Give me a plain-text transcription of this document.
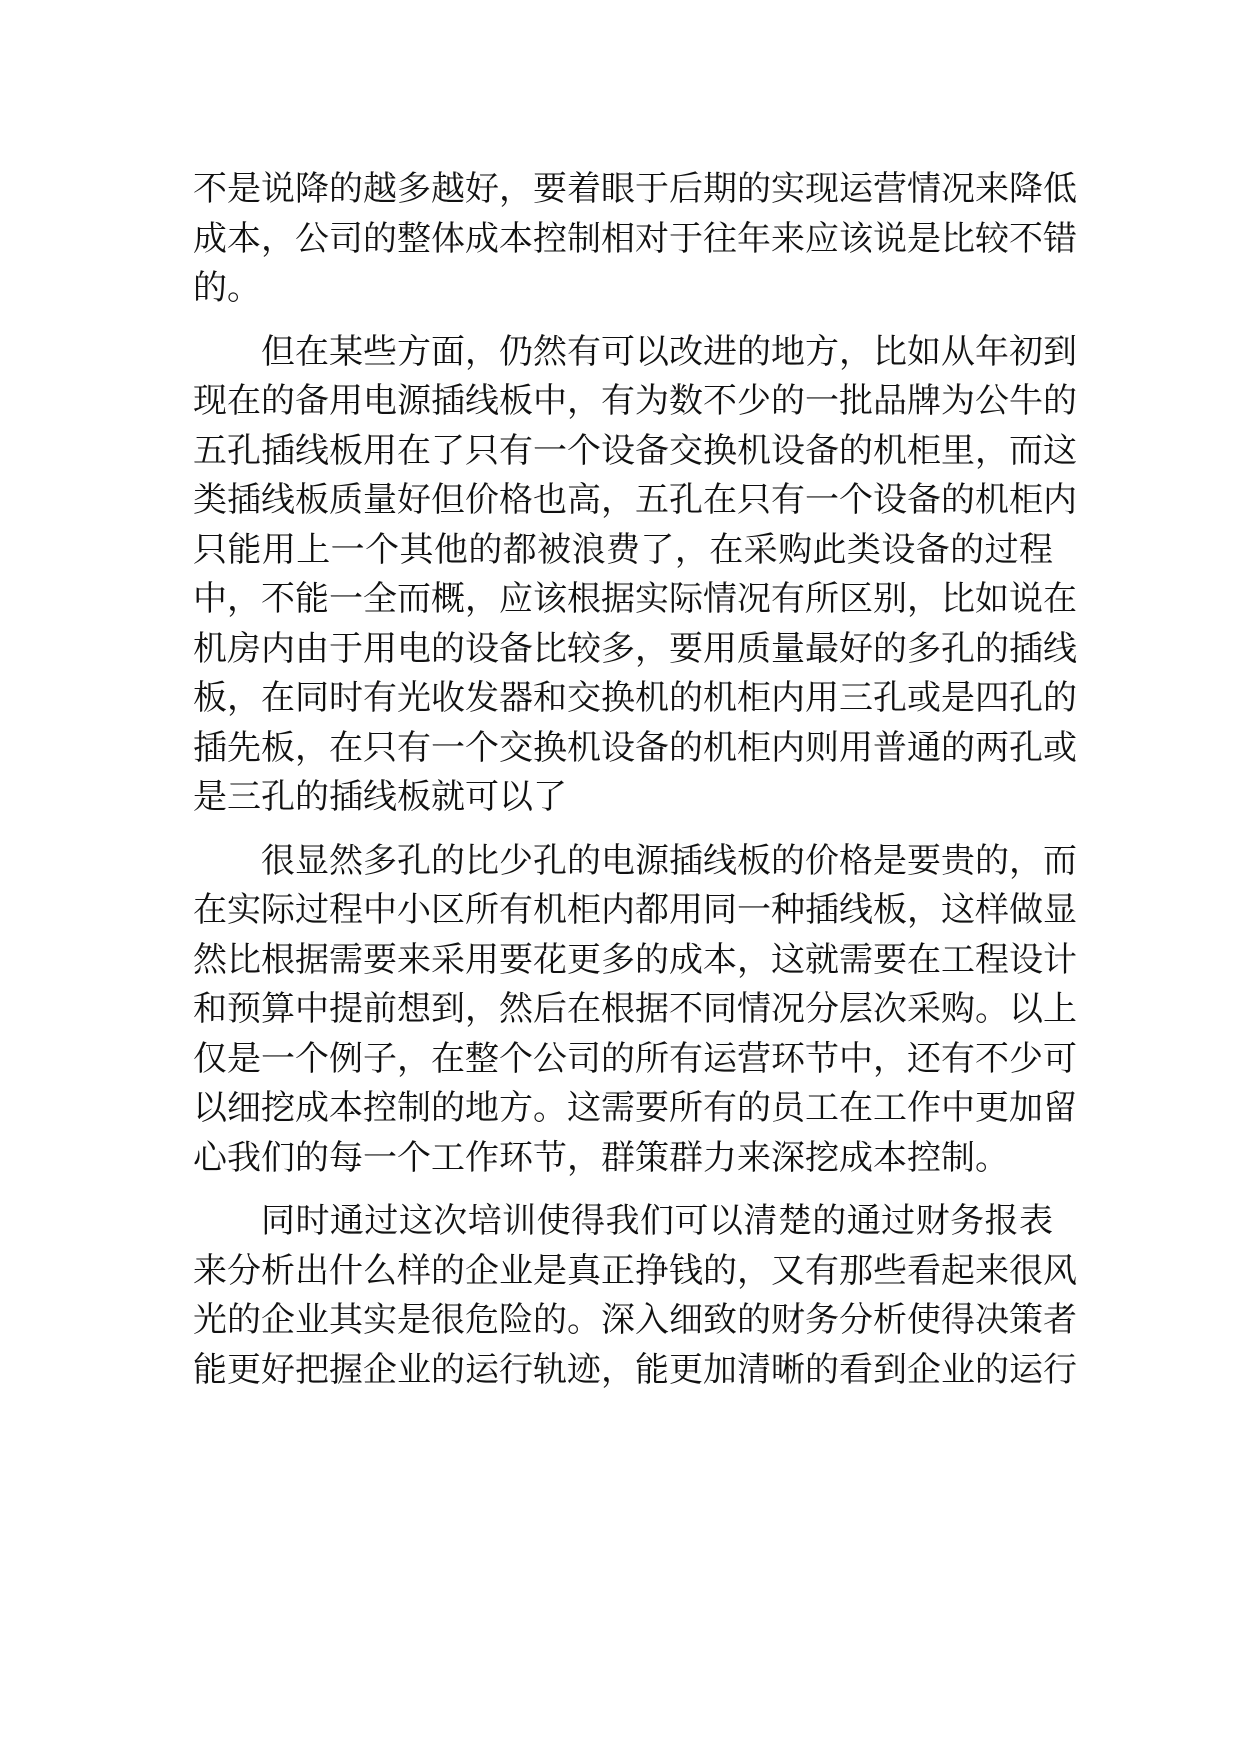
不是说降的越多越好，要着眼于后期的实现运营情况来降低
成本，公司的整体成本控制相对于往年来应该说是比较不错
的。
但在某些方面，仍然有可以改进的地方，比如从年初到
现在的备用电源插线板中，有为数不少的一批品牌为公牛的
五孔插线板用在了只有一个设备交换机设备的机柜里，而这
类插线板质量好但价格也高，五孔在只有一个设备的机柜内
只能用上一个其他的都被浪费了，在采购此类设备的过程
中，不能一全而概，应该根据实际情况有所区别，比如说在
机房内由于用电的设备比较多，要用质量最好的多孔的插线
板，在同时有光收发器和交换机的机柜内用三孔或是四孔的
插先板，在只有一个交换机设备的机柜内则用普通的两孔或
是三孔的插线板就可以了
很显然多孔的比少孔的电源插线板的价格是要贵的，而
在实际过程中小区所有机柜内都用同一种插线板，这样做显
然比根据需要来采用要花更多的成本，这就需要在工程设计
和预算中提前想到，然后在根据不同情况分层次采购。以上
仅是一个例子，在整个公司的所有运营环节中，还有不少可
以细挖成本控制的地方。这需要所有的员工在工作中更加留
心我们的每一个工作环节，群策群力来深挖成本控制。
同时通过这次培训使得我们可以清楚的通过财务报表
来分析出什么样的企业是真正挣钱的，又有那些看起来很风
光的企业其实是很危险的。深入细致的财务分析使得决策者
能更好把握企业的运行轨迹，能更加清晰的看到企业的运行
